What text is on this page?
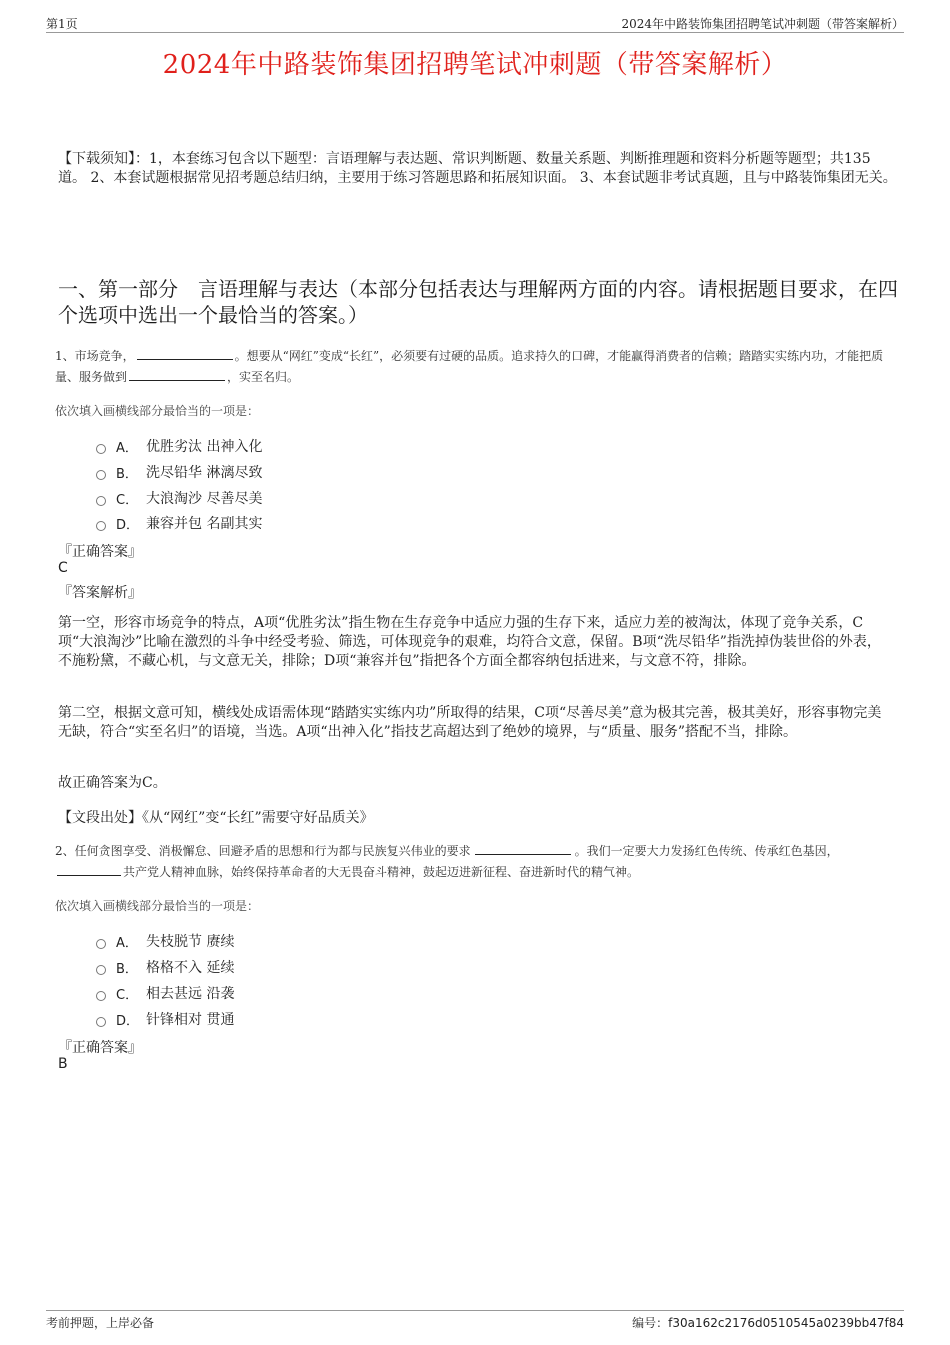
第1页	2024年中路装饰集团招聘笔试冲刺题（带答案解析）
2024年中路装饰集团招聘笔试冲刺题（带答案解析）
【下载须知】：1，本套练习包含以下题型：言语理解与表达题、常识判断题、数量关系题、判断推理题和资料分析题等题型；共135道。 2、本套试题根据常见招考题总结归纳，主要用于练习答题思路和拓展知识面。 3、本套试题非考试真题，且与中路装饰集团无关。
一、第一部分　言语理解与表达（本部分包括表达与理解两方面的内容。请根据题目要求，在四个选项中选出一个最恰当的答案。）
1、市场竞争，	。想要从“网红”变成“长红”，必须要有过硬的品质。追求持久的口碑，才能赢得消费者的信赖；踏踏实实练内功，才能把质量、服务做到	，实至名归。
依次填入画横线部分最恰当的一项是：
A． 优胜劣汰 出神入化
B． 洗尽铅华 淋漓尽致
C． 大浪淘沙 尽善尽美
D． 兼容并包 名副其实
『正确答案』
C
『答案解析』
第一空，形容市场竞争的特点，A项“优胜劣汰”指生物在生存竞争中适应力强的生存下来，适应力差的被淘汰，体现了竞争关系，C项“大浪淘沙”比喻在激烈的斗争中经受考验、筛选，可体现竞争的艰难，均符合文意，保留。B项“洗尽铅华”指洗掉伪装世俗的外表，不施粉黛，不藏心机，与文意无关，排除；D项“兼容并包”指把各个方面全都容纳包括进来，与文意不符，排除。
第二空，根据文意可知，横线处成语需体现“踏踏实实练内功”所取得的结果，C项“尽善尽美”意为极其完善，极其美好，形容事物完美无缺，符合“实至名归”的语境，当选。A项“出神入化”指技艺高超达到了绝妙的境界，与“质量、服务”搭配不当，排除。
故正确答案为C。
【文段出处】《从“网红”变“长红”需要守好品质关》
2、任何贪图享受、消极懈怠、回避矛盾的思想和行为都与民族复兴伟业的要求	。我们一定要大力发扬红色传统、传承红色基因，共产党人精神血脉，始终保持革命者的大无畏奋斗精神，鼓起迈进新征程、奋进新时代的精气神。
依次填入画横线部分最恰当的一项是：
A． 失枝脱节 赓续
B． 格格不入 延续
C． 相去甚远 沿袭
D． 针锋相对 贯通
『正确答案』
B
考前押题，上岸必备	编号：f30a162c2176d0510545a0239bb47f84
